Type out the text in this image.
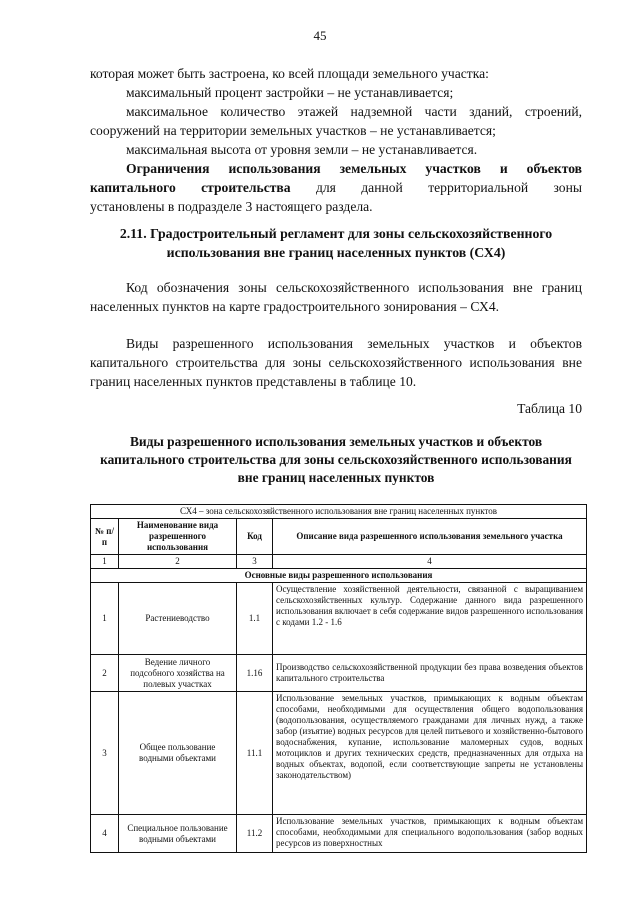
45

которая может быть застроена, ко всей площади земельного участка:

максимальный процент застройки – не устанавливается;

максимальное количество этажей надземной части зданий, строений, сооружений на территории земельных участков – не устанавливается;

максимальная высота от уровня земли – не устанавливается.

Ограничения использования земельных участков и объектов

капитального строительства для данной территориальной зоны

установлены в подразделе 3 настоящего раздела.

2.11. Градостроительный регламент для зоны сельскохозяйственного использования вне границ населенных пунктов (СХ4)

Код обозначения зоны сельскохозяйственного использования вне границ населенных пунктов на карте градостроительного зонирования – СХ4.

Виды разрешенного использования земельных участков и объектов капитального строительства для зоны сельскохозяйственного использования вне границ населенных пунктов представлены в таблице 10.

Таблица 10
Виды разрешенного использования земельных участков и объектов капитального строительства для зоны сельскохозяйственного использования вне границ населенных пунктов
СХ4 – зона сельскохозяйственного использования вне границ населенных пунктов			
№ п/п	Наименование вида разрешенного использования	Код	Описание вида разрешенного использования земельного участка
1	2	3	4
Основные виды разрешенного использования			
1	Растениеводство	1.1	Осуществление хозяйственной деятельности, связанной с выращиванием сельскохозяйственных культур. Содержание данного вида разрешенного использования включает в себя содержание видов разрешенного использования с кодами 1.2 - 1.6
2	Ведение личного подсобного хозяйства на полевых участках	1.16	Производство сельскохозяйственной продукции без права возведения объектов капитального строительства
3	Общее пользование водными объектами	11.1	Использование земельных участков, примыкающих к водным объектам способами, необходимыми для осуществления общего водопользования (водопользования, осуществляемого гражданами для личных нужд, а также забор (изъятие) водных ресурсов для целей питьевого и хозяйственно-бытового водоснабжения, купание, использование маломерных судов, водных мотоциклов и других технических средств, предназначенных для отдыха на водных объектах, водопой, если соответствующие запреты не установлены законодательством)
4	Специальное пользование водными объектами	11.2	Использование земельных участков, примыкающих к водным объектам способами, необходимыми для специального водопользования (забор водных ресурсов из поверхностных
